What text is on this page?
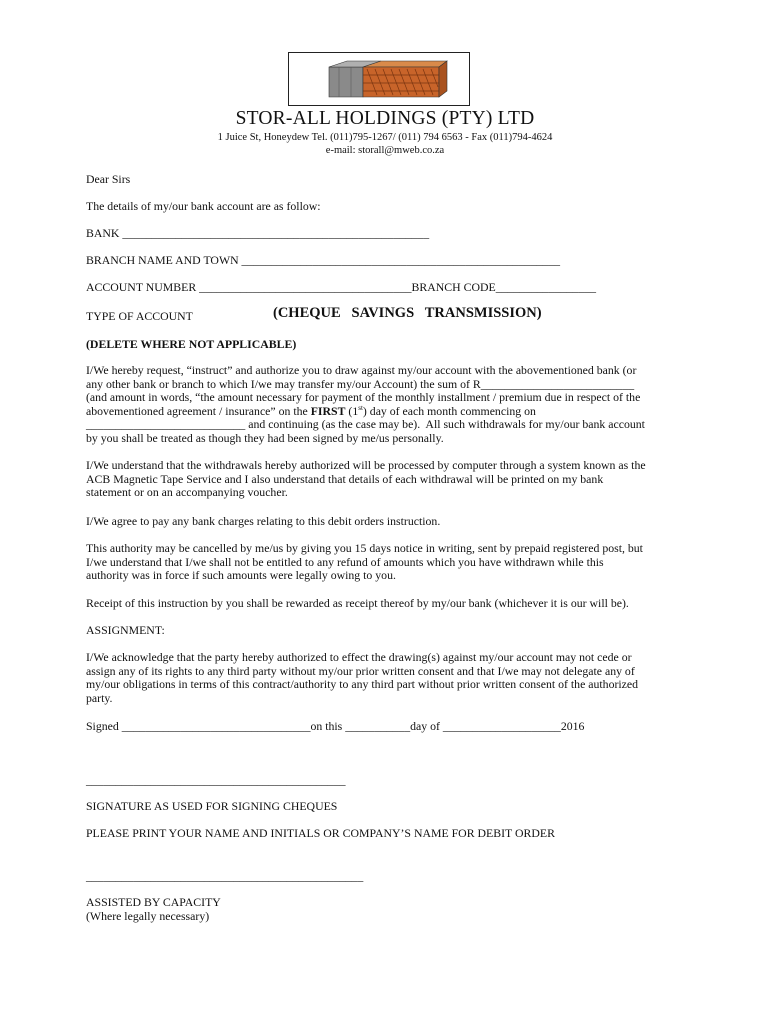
STOR-ALL HOLDINGS (PTY) LTD
1 Juice St, Honeydew Tel. (011)795-1267/ (011) 794 6563 - Fax (011)794-4624
e-mail: storall@mweb.co.za
Dear Sirs
The details of my/our bank account are as follow:
BANK ____________________________________________________
BRANCH NAME AND TOWN ______________________________________________________
ACCOUNT NUMBER ____________________________________BRANCH CODE_________________
TYPE OF ACCOUNT	(CHEQUE   SAVINGS   TRANSMISSION)
(DELETE WHERE NOT APPLICABLE)

I/We hereby request, “instruct” and authorize you to draw against my/our account with the abovementioned bank (or

any other bank or branch to which I/we may transfer my/our Account) the sum of R__________________________

(and amount in words, “the amount necessary for payment of the monthly installment / premium due in respect of the

abovementioned agreement / insurance” on the FIRST (1st) day of each month commencing on

___________________________ and continuing (as the case may be).  All such withdrawals for my/our bank account

by you shall be treated as though they had been signed by me/us personally.

I/We understand that the withdrawals hereby authorized will be processed by computer through a system known as the

ACB Magnetic Tape Service and I also understand that details of each withdrawal will be printed on my bank

statement or on an accompanying voucher.

I/We agree to pay any bank charges relating to this debit orders instruction.

This authority may be cancelled by me/us by giving you 15 days notice in writing, sent by prepaid registered post, but

I/we understand that I/we shall not be entitled to any refund of amounts which you have withdrawn while this

authority was in force if such amounts were legally owing to you.

Receipt of this instruction by you shall be rewarded as receipt thereof by my/our bank (whichever it is our will be).
ASSIGNMENT:

I/We acknowledge that the party hereby authorized to effect the drawing(s) against my/our account may not cede or

assign any of its rights to any third party without my/our prior written consent and that I/we may not delegate any of

my/our obligations in terms of this contract/authority to any third part without prior written consent of the authorized

party.

Signed ________________________________on this ___________day of ____________________2016
____________________________________________
SIGNATURE AS USED FOR SIGNING CHEQUES
PLEASE PRINT YOUR NAME AND INITIALS OR COMPANY’S NAME FOR DEBIT ORDER
_______________________________________________
ASSISTED BY CAPACITY
(Where legally necessary)
